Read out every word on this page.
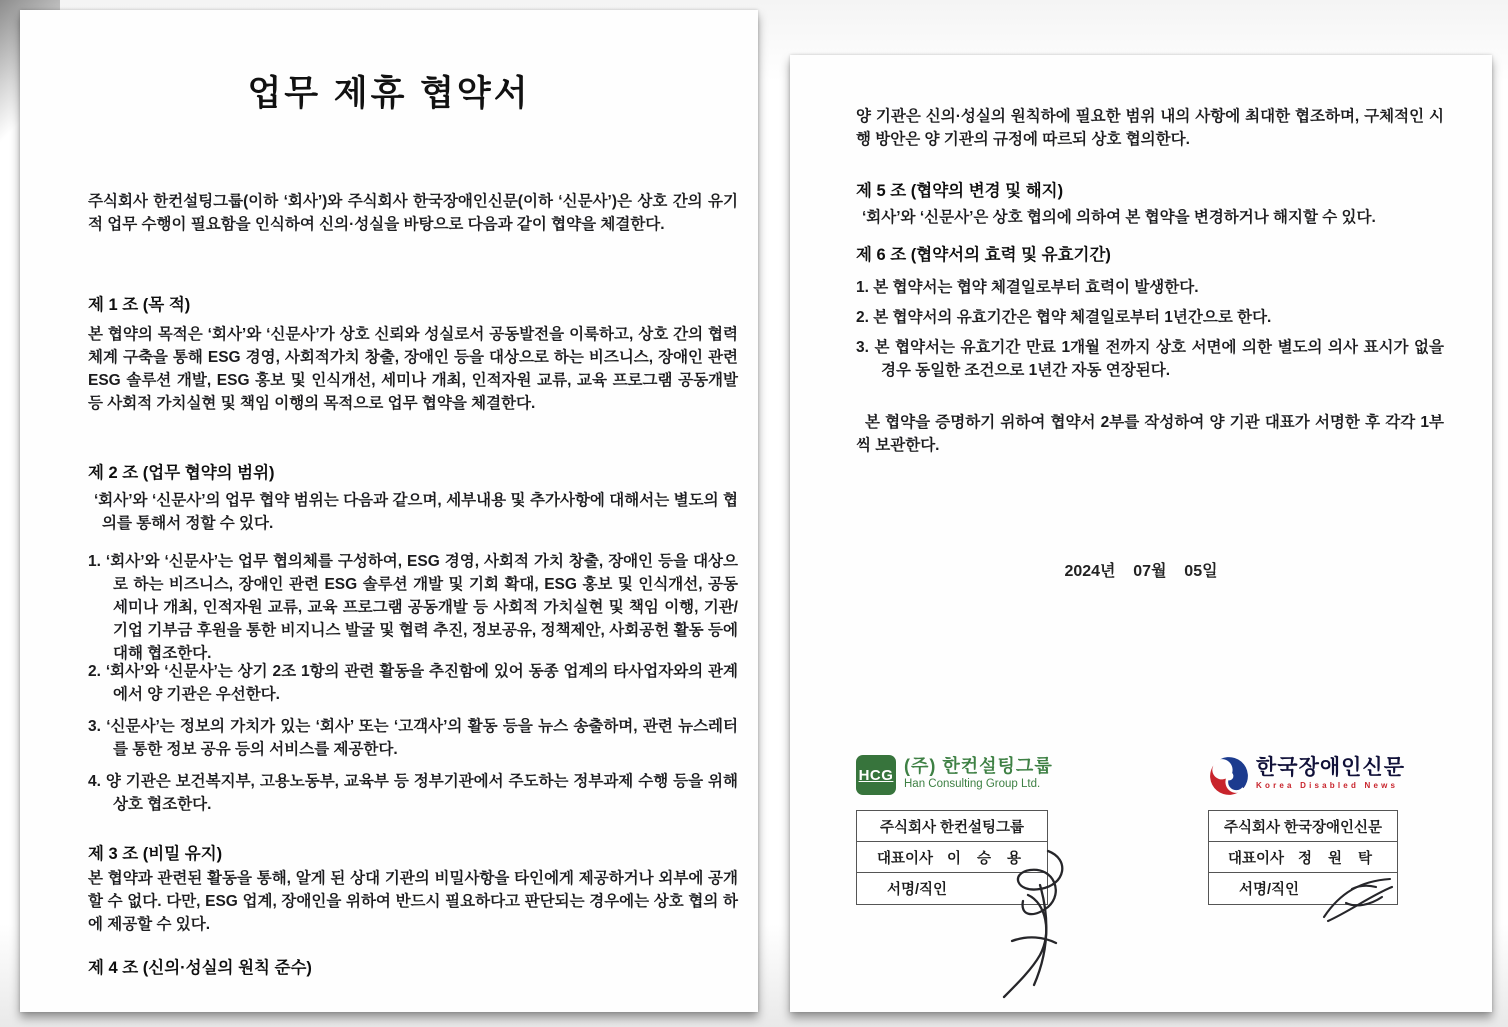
업무 제휴 협약서

주식회사 한컨설팅그룹(이하 ‘회사’)와 주식회사 한국장애인신문(이하 ‘신문사’)은 상호 간의 유기적 업무 수행이 필요함을 인식하여 신의·성실을 바탕으로 다음과 같이 협약을 체결한다.

제 1 조 (목 적)

본 협약의 목적은 ‘회사’와 ‘신문사’가 상호 신뢰와 성실로서 공동발전을 이룩하고, 상호 간의 협력체계 구축을 통해 ESG 경영, 사회적가치 창출, 장애인 등을 대상으로 하는 비즈니스, 장애인 관련 ESG 솔루션 개발, ESG 홍보 및 인식개선, 세미나 개최, 인적자원 교류, 교육 프로그램 공동개발 등 사회적 가치실현 및 책임 이행의 목적으로 업무 협약을 체결한다.

제 2 조 (업무 협약의 범위)

‘회사’와 ‘신문사’의 업무 협약 범위는 다음과 같으며, 세부내용 및 추가사항에 대해서는 별도의 협의를 통해서 정할 수 있다.

1. ‘회사’와 ‘신문사’는 업무 협의체를 구성하여, ESG 경영, 사회적 가치 창출, 장애인 등을 대상으로 하는 비즈니스, 장애인 관련 ESG 솔루션 개발 및 기회 확대, ESG 홍보 및 인식개선, 공동 세미나 개최, 인적자원 교류, 교육 프로그램 공동개발 등 사회적 가치실현 및 책임 이행, 기관/기업 기부금 후원을 통한 비지니스 발굴 및 협력 추진, 정보공유, 정책제안, 사회공헌 활동 등에 대해 협조한다.

2. ‘회사’와 ‘신문사’는 상기 2조 1항의 관련 활동을 추진함에 있어 동종 업계의 타사업자와의 관계에서 양 기관은 우선한다.

3. ‘신문사’는 정보의 가치가 있는 ‘회사’ 또는 ‘고객사’의 활동 등을 뉴스 송출하며, 관련 뉴스레터를 통한 정보 공유 등의 서비스를 제공한다.

4. 양 기관은 보건복지부, 고용노동부, 교육부 등 정부기관에서 주도하는 정부과제 수행 등을 위해 상호 협조한다.

제 3 조 (비밀 유지)

본 협약과 관련된 활동을 통해, 알게 된 상대 기관의 비밀사항을 타인에게 제공하거나 외부에 공개할 수 없다. 다만, ESG 업계, 장애인을 위하여 반드시 필요하다고 판단되는 경우에는 상호 협의 하에 제공할 수 있다.

제 4 조 (신의·성실의 원칙 준수)

양 기관은 신의·성실의 원칙하에 필요한 범위 내의 사항에 최대한 협조하며, 구체적인 시행 방안은 양 기관의 규정에 따르되 상호 협의한다.

제 5 조 (협약의 변경 및 해지)

‘회사’와 ‘신문사’은 상호 협의에 의하여 본 협약을 변경하거나 해지할 수 있다.

제 6 조 (협약서의 효력 및 유효기간)

1. 본 협약서는 협약 체결일로부터 효력이 발생한다.

2. 본 협약서의 유효기간은 협약 체결일로부터 1년간으로 한다.

3. 본 협약서는 유효기간 만료 1개월 전까지 상호 서면에 의한 별도의 의사 표시가 없을 경우 동일한 조건으로 1년간 자동 연장된다.

본 협약을 증명하기 위하여 협약서 2부를 작성하여 양 기관 대표가 서명한 후 각각 1부씩 보관한다.

2024년    07월    05일
HCG (주) 한컨설팅그룹
Han Consulting Group Ltd.
한국장애인신문
Korea Disabled News
주식회사 한컨설팅그룹
대표이사 이 승 용
서명/직인
주식회사 한국장애인신문
대표이사 정 원 탁
서명/직인
